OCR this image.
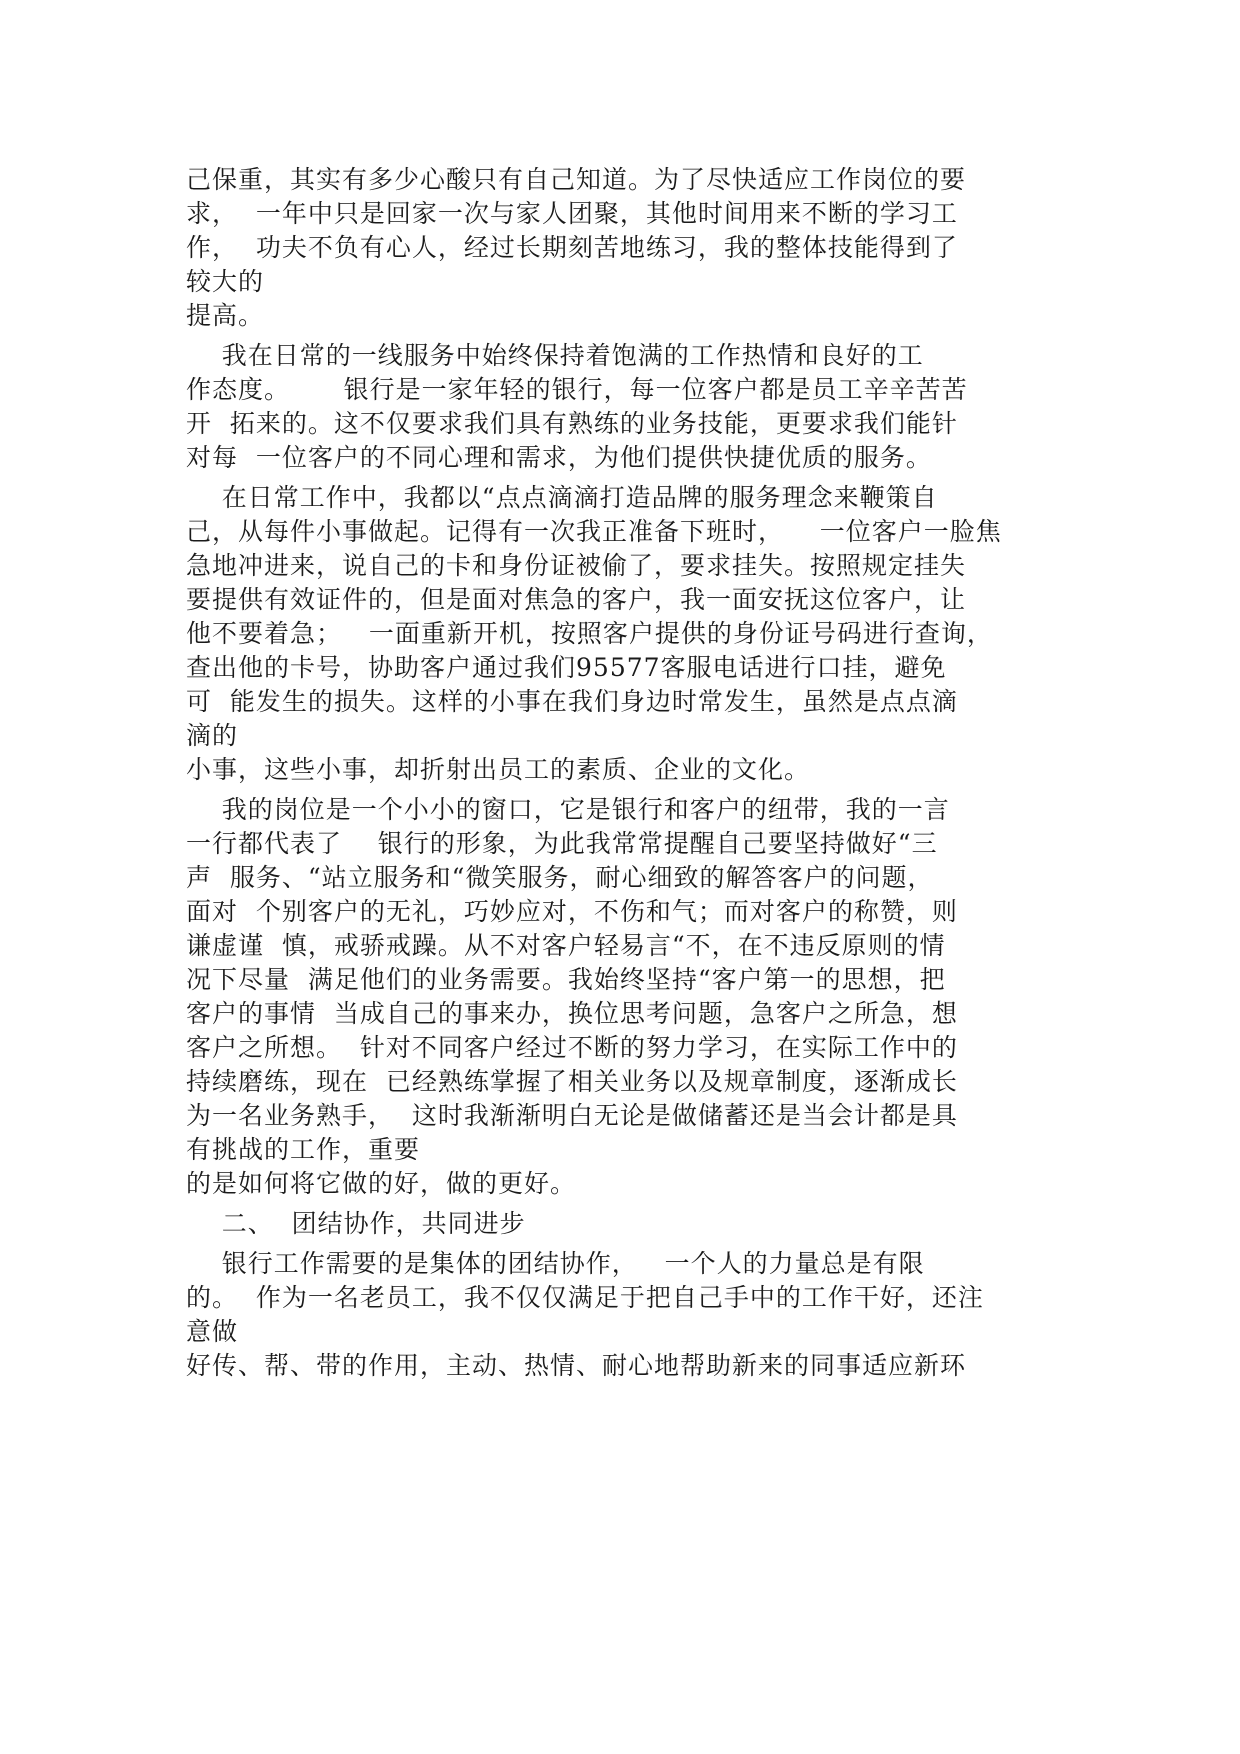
己保重，其实有多少心酸只有自己知道。为了尽快适应工作岗位的要
求，  一年中只是回家一次与家人团聚，其他时间用来不断的学习工
作，  功夫不负有心人，经过长期刻苦地练习，我的整体技能得到了
较大的
提高。
我在日常的一线服务中始终保持着饱满的工作热情和良好的工
作态度。      银行是一家年轻的银行，每一位客户都是员工辛辛苦苦
开  拓来的。这不仅要求我们具有熟练的业务技能，更要求我们能针
对每  一位客户的不同心理和需求，为他们提供快捷优质的服务。
在日常工作中，我都以“点点滴滴打造品牌的服务理念来鞭策自
己，从每件小事做起。记得有一次我正准备下班时，    一位客户一脸焦
急地冲进来，说自己的卡和身份证被偷了，要求挂失。按照规定挂失
要提供有效证件的，但是面对焦急的客户，我一面安抚这位客户，让
他不要着急；   一面重新开机，按照客户提供的身份证号码进行查询，
查出他的卡号，协助客户通过我们95577客服电话进行口挂，避免
可  能发生的损失。这样的小事在我们身边时常发生，虽然是点点滴
滴的
小事，这些小事，却折射出员工的素质、企业的文化。
我的岗位是一个小小的窗口，它是银行和客户的纽带，我的一言
一行都代表了    银行的形象，为此我常常提醒自己要坚持做好“三
声  服务、“站立服务和“微笑服务，耐心细致的解答客户的问题，
面对  个别客户的无礼，巧妙应对，不伤和气；而对客户的称赞，则
谦虚谨  慎，戒骄戒躁。从不对客户轻易言“不，在不违反原则的情
况下尽量  满足他们的业务需要。我始终坚持“客户第一的思想，把
客户的事情  当成自己的事来办，换位思考问题，急客户之所急，想
客户之所想。  针对不同客户经过不断的努力学习，在实际工作中的
持续磨练，现在  已经熟练掌握了相关业务以及规章制度，逐渐成长
为一名业务熟手，  这时我渐渐明白无论是做储蓄还是当会计都是具
有挑战的工作，重要
的是如何将它做的好，做的更好。
二、  团结协作，共同进步
银行工作需要的是集体的团结协作，   一个人的力量总是有限
的。  作为一名老员工，我不仅仅满足于把自己手中的工作干好，还注
意做
好传、帮、带的作用，主动、热情、耐心地帮助新来的同事适应新环
